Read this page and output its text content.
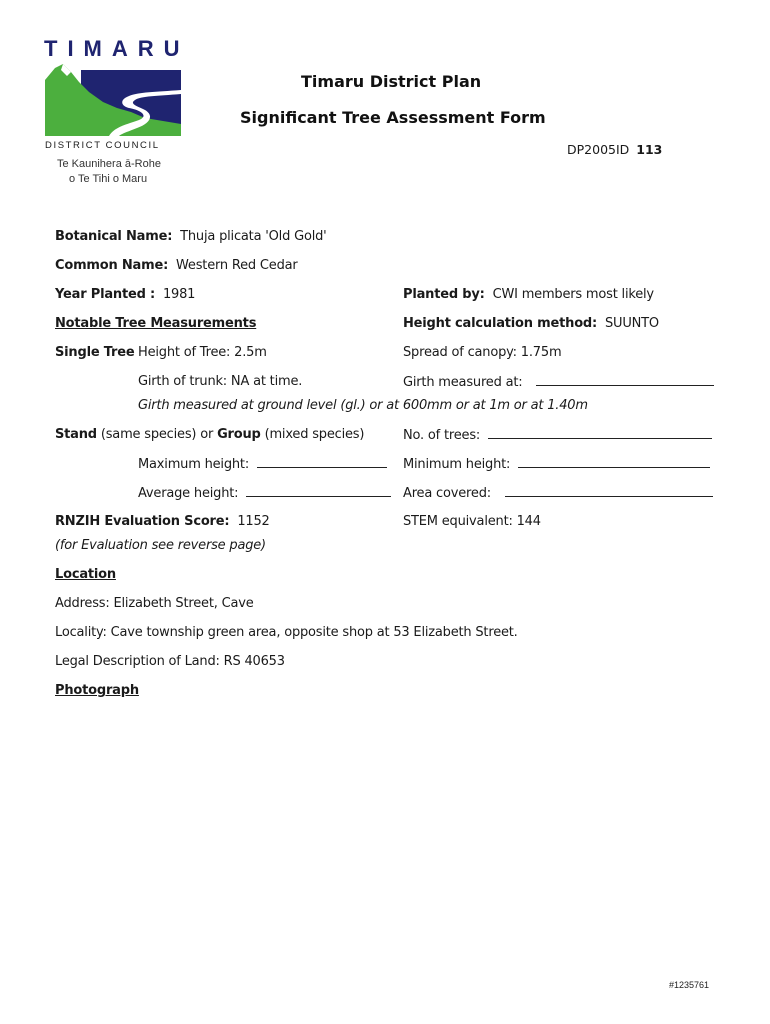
TIMARU
DISTRICT COUNCIL
Te Kaunihera ā-Rohe
o Te Tihi o Maru
Timaru District Plan
Significant Tree Assessment Form
DP2005ID 113
Botanical Name: Thuja plicata 'Old Gold'
Common Name: Western Red Cedar
Year Planted : 1981	Planted by: CWI members most likely
Notable Tree Measurements	Height calculation method: SUUNTO
Single Tree Height of Tree: 2.5m	Spread of canopy: 1.75m
Girth of trunk: NA at time.	Girth measured at:
Girth measured at ground level (gl.) or at 600mm or at 1m or at 1.40m
Stand (same species) or Group (mixed species)	No. of trees:
Maximum height:	Minimum height:
Average height:	Area covered:
RNZIH Evaluation Score: 1152	STEM equivalent: 144
(for Evaluation see reverse page)
Location
Address: Elizabeth Street, Cave
Locality: Cave township green area, opposite shop at 53 Elizabeth Street.
Legal Description of Land: RS 40653
Photograph
#1235761
